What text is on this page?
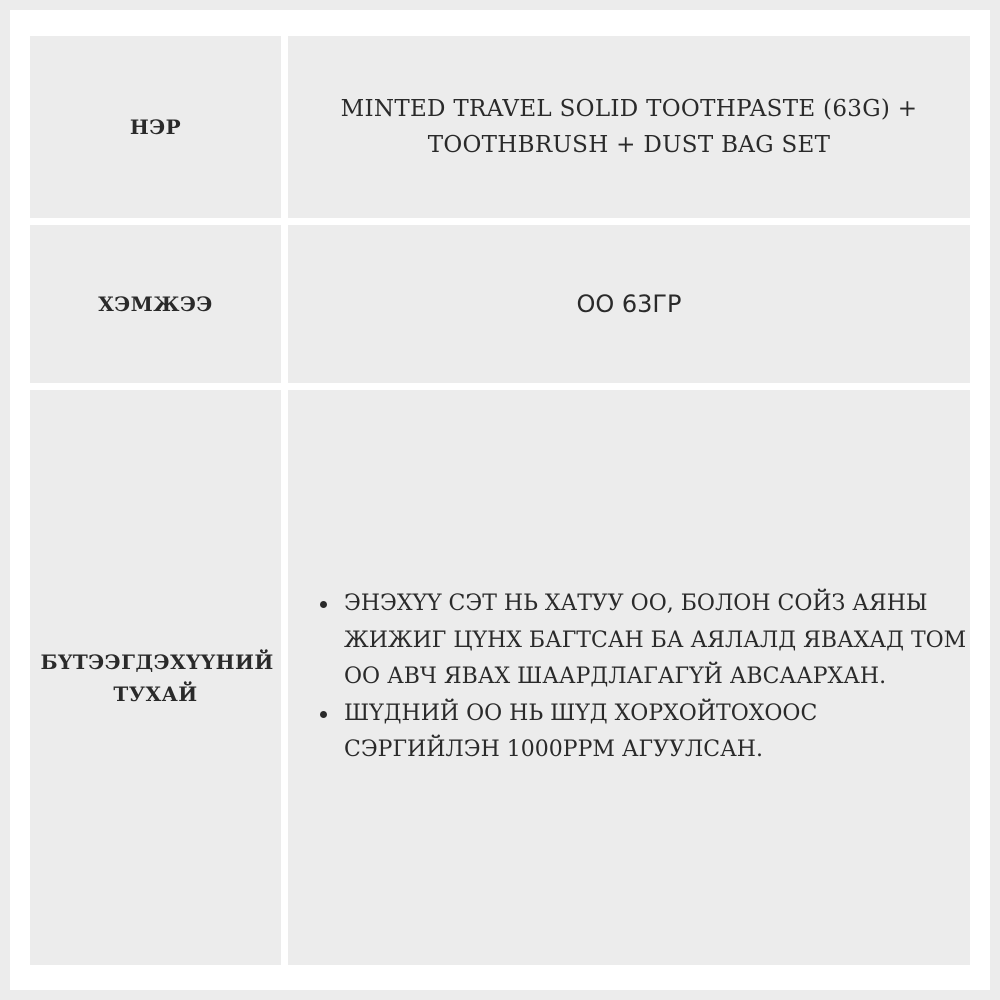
НЭР
MINTED TRAVEL SOLID TOOTHPASTE (63G) + TOOTHBRUSH + DUST BAG SET
ХЭМЖЭЭ	ОО 63ГР
БҮТЭЭГДЭХҮҮНИЙ ТУХАЙ
ЭНЭХҮҮ СЭТ НЬ ХАТУУ ОО, БОЛОН СОЙЗ АЯНЫ ЖИЖИГ ЦҮНХ БАГТСАН БА АЯЛАЛД ЯВАХАД ТОМ ОО АВЧ ЯВАХ ШААРДЛАГАГҮЙ АВСААРХАН.
ШҮДНИЙ ОО НЬ ШҮД ХОРХОЙТОХООС СЭРГИЙЛЭН 1000PPM АГУУЛСАН.
